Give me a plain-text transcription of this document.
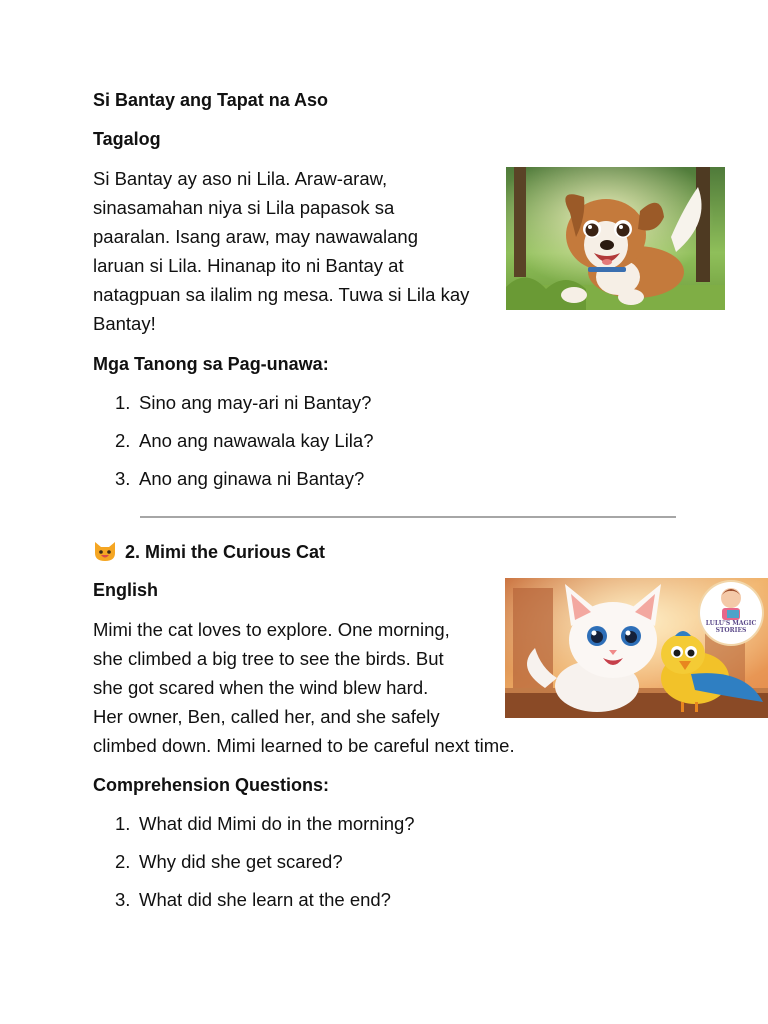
Si Bantay ang Tapat na Aso
Tagalog

Si Bantay ay aso ni Lila. Araw-araw,
sinasamahan niya si Lila papasok sa
paaralan. Isang araw, may nawawalang
laruan si Lila. Hinanap ito ni Bantay at
natagpuan sa ilalim ng mesa. Tuwa si Lila kay
Bantay!

Mga Tanong sa Pag-unawa:
1. Sino ang may-ari ni Bantay?
2. Ano ang nawawala kay Lila?
3. Ano ang ginawa ni Bantay?
2. Mimi the Curious Cat
English

Mimi the cat loves to explore. One morning,
she climbed a big tree to see the birds. But
she got scared when the wind blew hard.
Her owner, Ben, called her, and she safely
climbed down. Mimi learned to be careful next time.

LULU'S MAGIC STORIES
Comprehension Questions:
1. What did Mimi do in the morning?
2. Why did she get scared?
3. What did she learn at the end?
